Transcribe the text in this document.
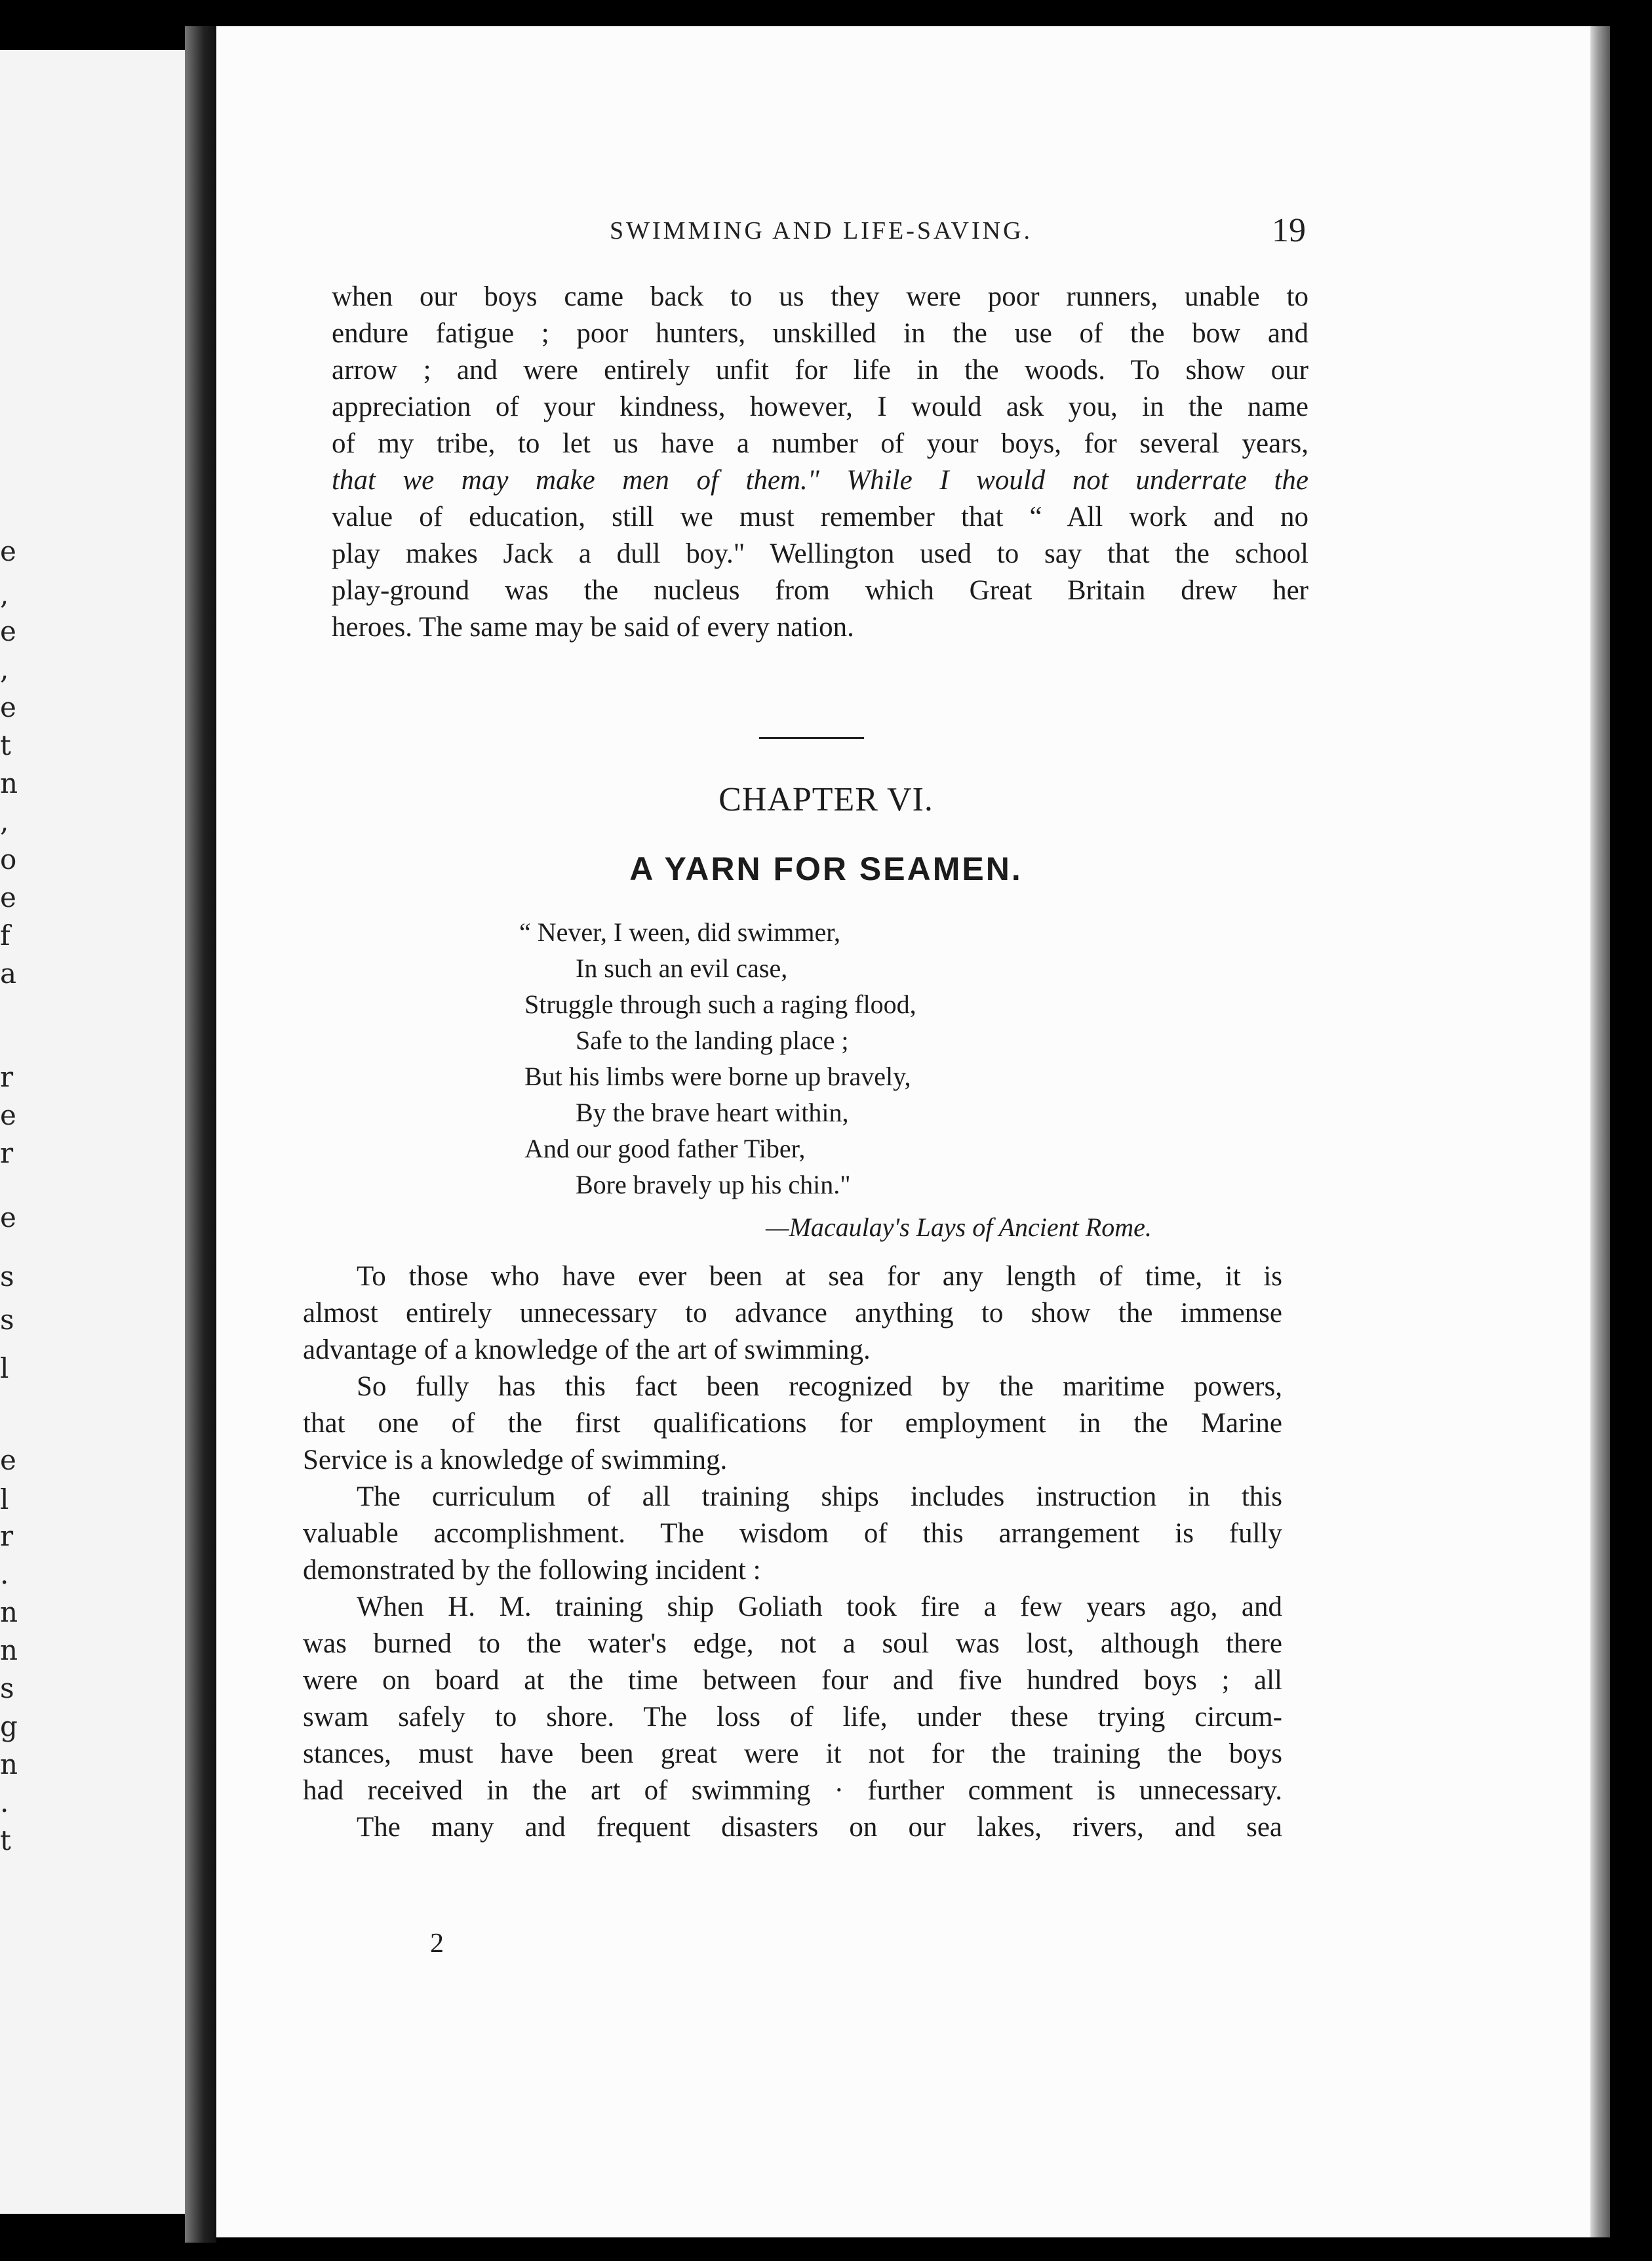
e
,
e
,
e
t
n
,
o
e
f
a
r
e
r
e
s
s
l
e
l
r
.
n
n
s
g
n
.
t
SWIMMING AND LIFE-SAVING.	19
when our boys came back to us they were poor runners, unable to
endure fatigue ; poor hunters, unskilled in the use of the bow and
arrow ; and were entirely unfit for life in the woods. To show our
appreciation of your kindness, however, I would ask you, in the name
of my tribe, to let us have a number of your boys, for several years,
that we may make men of them." While I would not underrate the
value of education, still we must remember that “ All work and no
play makes Jack a dull boy." Wellington used to say that the school
play-ground was the nucleus from which Great Britain drew her
heroes. The same may be said of every nation.
CHAPTER VI.
A YARN FOR SEAMEN.
“ Never, I ween, did swimmer,
In such an evil case,
Struggle through such a raging flood,
Safe to the landing place ;
But his limbs were borne up bravely,
By the brave heart within,
And our good father Tiber,
Bore bravely up his chin."
—Macaulay's Lays of Ancient Rome.
To those who have ever been at sea for any length of time, it is
almost entirely unnecessary to advance anything to show the immense
advantage of a knowledge of the art of swimming.
So fully has this fact been recognized by the maritime powers,
that one of the first qualifications for employment in the Marine
Service is a knowledge of swimming.
The curriculum of all training ships includes instruction in this
valuable accomplishment. The wisdom of this arrangement is fully
demonstrated by the following incident :
When H. M. training ship Goliath took fire a few years ago, and
was burned to the water's edge, not a soul was lost, although there
were on board at the time between four and five hundred boys ; all
swam safely to shore. The loss of life, under these trying circum-
stances, must have been great were it not for the training the boys
had received in the art of swimming · further comment is unnecessary.
The many and frequent disasters on our lakes, rivers, and sea
2
